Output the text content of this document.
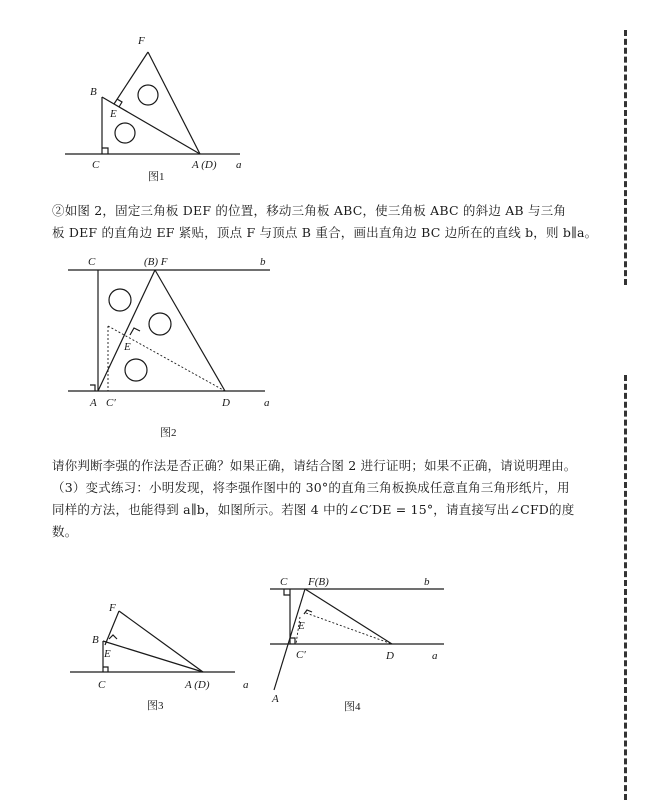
F
B
E
C	A (D) a
图1

②如图 2，固定三角板 DEF 的位置，移动三角板 ABC，使三角板 ABC 的斜边 AB 与三角
板 DEF 的直角边 EF 紧贴，顶点 F 与顶点 B 重合，画出直角边 BC 边所在的直线 b，则 b∥a。

C	(B) F	b
E
A C′	D	a
图2

请你判断李强的作法是否正确？如果正确，请结合图 2 进行证明；如果不正确，请说明理由。
（3）变式练习：小明发现，将李强作图中的 30°的直角三角板换成任意直角三角形纸片，用
同样的方法，也能得到 a∥b，如图所示。若图 4 中的∠C′DE = 15°，请直接写出∠CFD的度
数。

F
B
E
C	A (D)	a
图3
C F(B)	b
E
C′	D	a
A
图4
